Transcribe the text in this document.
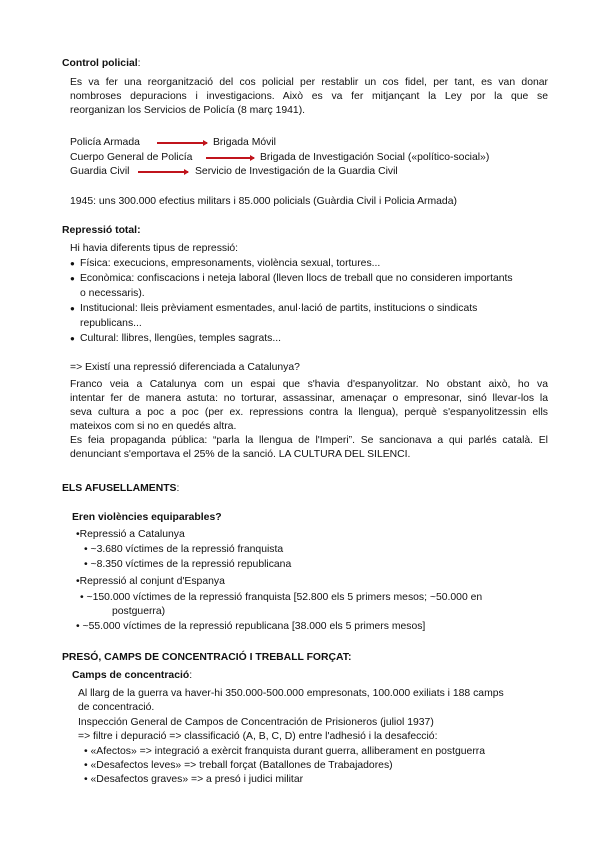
Control policial:
Es va fer una reorganització del cos policial per restablir un cos fidel, per tant, es van donar
nombroses depuracions i investigacions. Això es va fer mitjançant la Ley por la que se
reorganizan los Servicios de Policía (8 març 1941).
Policía Armada	Brigada Móvil
Cuerpo General de Policía	Brigada de Investigación Social («político-social»)
Guardia Civil	Servicio de Investigación de la Guardia Civil
1945: uns 300.000 efectius militars i 85.000 policials (Guàrdia Civil i Policia Armada)
Repressió total:
Hi havia diferents tipus de repressió:
● Física: execucions, empresonaments, violència sexual, tortures...
● Econòmica: confiscacions i neteja laboral (lleven llocs de treball que no consideren importants
o necessaris).
● Institucional: lleis prèviament esmentades, anul·lació de partits, institucions o sindicats
republicans...
● Cultural: llibres, llengües, temples sagrats...
=> Existí una repressió diferenciada a Catalunya?
Franco veia a Catalunya com un espai que s'havia d'espanyolitzar. No obstant això, ho va
intentar fer de manera astuta: no torturar, assassinar, amenaçar o empresonar, sinó llevar-los la
seva cultura a poc a poc (per ex. repressions contra la llengua), perquè s'espanyolitzessin ells
mateixos com si no en quedés altra.
Es feia propaganda pública: “parla la llengua de l'Imperi”. Se sancionava a qui parlés català. El
denunciant s'emportava el 25% de la sanció. LA CULTURA DEL SILENCI.
ELS AFUSELLAMENTS:
Eren violències equiparables?
•Repressió a Catalunya
• ~3.680 víctimes de la repressió franquista
• ~8.350 víctimes de la repressió republicana
•Repressió al conjunt d'Espanya
• ~150.000 víctimes de la repressió franquista [52.800 els 5 primers mesos; ~50.000 en
postguerra)
• ~55.000 víctimes de la repressió republicana [38.000 els 5 primers mesos]
PRESÓ, CAMPS DE CONCENTRACIÓ I TREBALL FORÇAT:
Camps de concentració:
Al llarg de la guerra va haver-hi 350.000-500.000 empresonats, 100.000 exiliats i 188 camps
de concentració.
Inspección General de Campos de Concentración de Prisioneros (juliol 1937)
=> filtre i depuració => classificació (A, B, C, D) entre l'adhesió i la desafecció:
• «Afectos» => integració a exèrcit franquista durant guerra, alliberament en postguerra
• «Desafectos leves» => treball forçat (Batallones de Trabajadores)
• «Desafectos graves» => a presó i judici militar
